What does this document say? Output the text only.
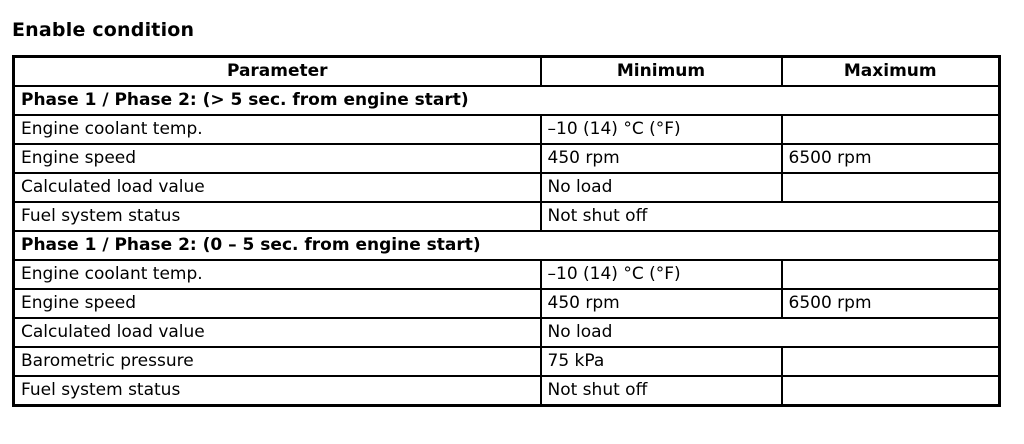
Enable condition
Parameter	Minimum	Maximum
Phase 1 / Phase 2: (> 5 sec. from engine start)		
Engine coolant temp.	–10 (14) °C (°F)	
Engine speed	450 rpm	6500 rpm
Calculated load value	No load	
Fuel system status	Not shut off	
Phase 1 / Phase 2: (0 – 5 sec. from engine start)		
Engine coolant temp.	–10 (14) °C (°F)	
Engine speed	450 rpm	6500 rpm
Calculated load value	No load	
Barometric pressure	75 kPa	
Fuel system status	Not shut off	
